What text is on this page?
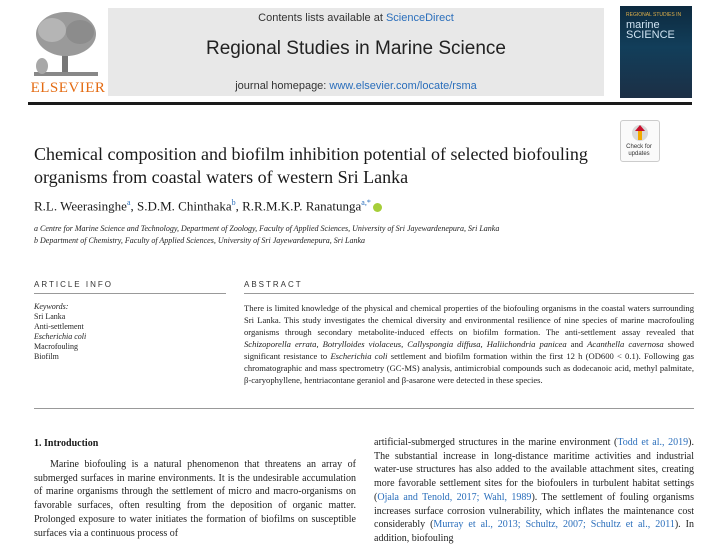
ELSEVIER
Contents lists available at ScienceDirect
Regional Studies in Marine Science
journal homepage: www.elsevier.com/locate/rsma
REGIONAL STUDIES IN
marine SCIENCE
Check for updates
Chemical composition and biofilm inhibition potential of selected biofouling organisms from coastal waters of western Sri Lanka
R.L. Weerasinghe$^a$, S.D.M. Chinthaka$^b$, R.R.M.K.P. Ranatunga$^{a,*}$
a Centre for Marine Science and Technology, Department of Zoology, Faculty of Applied Sciences, University of Sri Jayewardenepura, Sri Lanka
b Department of Chemistry, Faculty of Applied Sciences, University of Sri Jayewardenepura, Sri Lanka
ARTICLE INFO	ABSTRACT
Keywords:
Sri Lanka
Anti-settlement
Escherichia coli
Macrofouling
Biofilm
There is limited knowledge of the physical and chemical properties of the biofouling organisms in the coastal waters surrounding Sri Lanka. This study investigates the chemical diversity and environmental resilience of nine species of marine macrofouling organisms through secondary metabolite-induced effects on biofilm formation. The anti-settlement assay revealed that Schizoporella errata, Botrylloides violaceus, Callyspongia diffusa, Haliichondria panicea and Acanthella cavernosa showed significant resistance to Escherichia coli settlement and biofilm formation within the first 12 h (OD600 < 0.1). Following gas chromatographic and mass spectrometry (GC-MS) analysis, antimicrobial compounds such as dodecanoic acid, methyl palmitate, β-caryophyllene, hentriacontane geraniol and β-asarone were detected in these species.
1. Introduction
Marine biofouling is a natural phenomenon that threatens an array of submerged surfaces in marine environments. It is the undesirable accumulation of marine organisms through the settlement of micro and macro-organisms on favorable surfaces, often resulting from the deposition of organic matter. Prolonged exposure to water initiates the formation of biofilms on susceptible surfaces via a continuous process of
artificial-submerged structures in the marine environment (Todd et al., 2019). The substantial increase in long-distance maritime activities and industrial water-use structures has also added to the available attachment sites, creating more favorable settlement sites for the biofoulers in turbulent habitat settings (Ojala and Tenold, 2017; Wahl, 1989). The settlement of fouling organisms increases surface corrosion vulnerability, which inflates the maintenance cost considerably (Murray et al., 2013; Schultz, 2007; Schultz et al., 2011). In addition, biofouling
